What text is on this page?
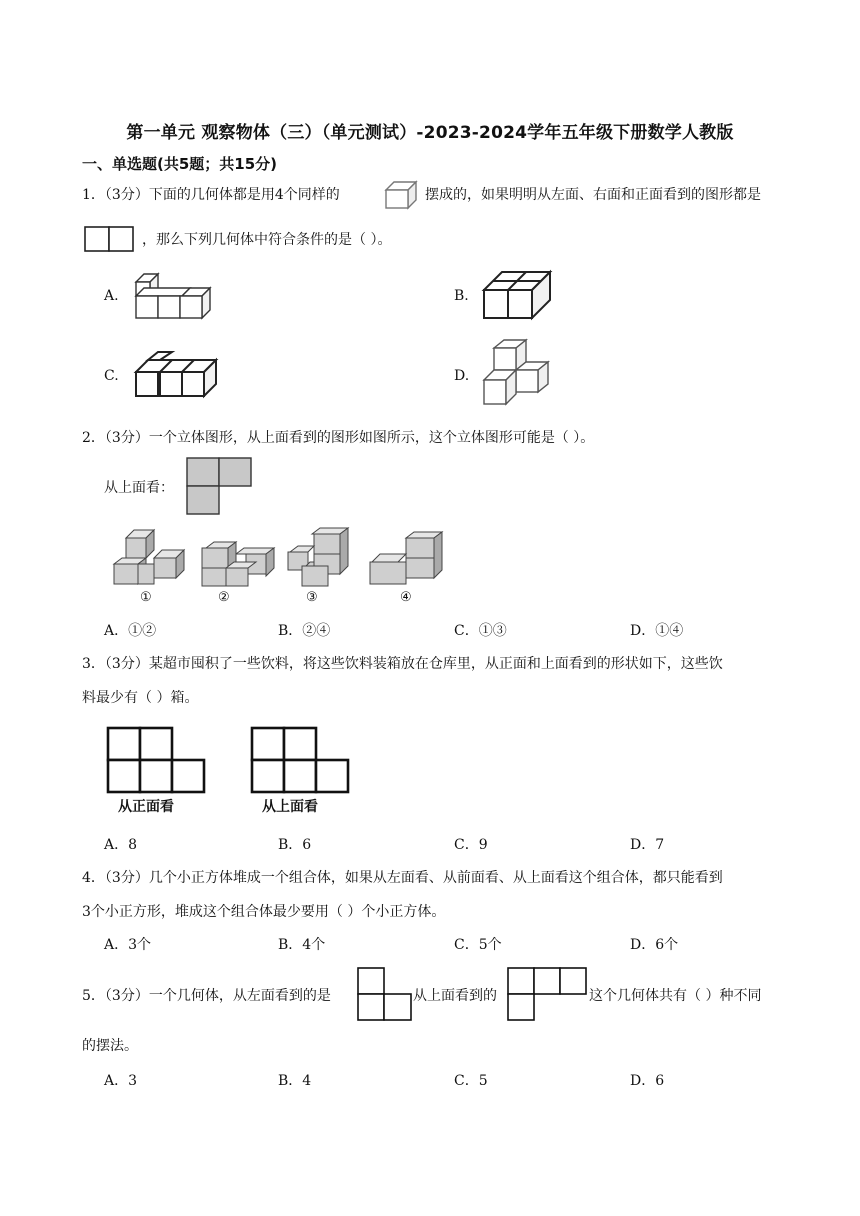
第一单元 观察物体（三）（单元测试）-2023-2024学年五年级下册数学人教版
一、单选题(共5题；共15分)
1．（3分）下面的几何体都是用4个同样的	摆成的，如果明明从左面、右面和正面看到的图形都是
，那么下列几何体中符合条件的是（ ）。
A.	B.
C.	D.
2．（3分）一个立体图形，从上面看到的图形如图所示，这个立体图形可能是（ ）。
从上面看：
①	②	③	④
A．①②	B．②④	C．①③	D．①④
3．（3分）某超市囤积了一些饮料，将这些饮料装箱放在仓库里，从正面和上面看到的形状如下，这些饮
料最少有（ ）箱。
从正面看	从上面看
A．8	B．6	C．9	D．7
4．（3分）几个小正方体堆成一个组合体，如果从左面看、从前面看、从上面看这个组合体，都只能看到
3个小正方形，堆成这个组合体最少要用（ ）个小正方体。
A．3个	B．4个	C．5个	D．6个
5．（3分）一个几何体，从左面看到的是	从上面看到的	这个几何体共有（ ）种不同
的摆法。
A．3	B．4	C．5	D．6
